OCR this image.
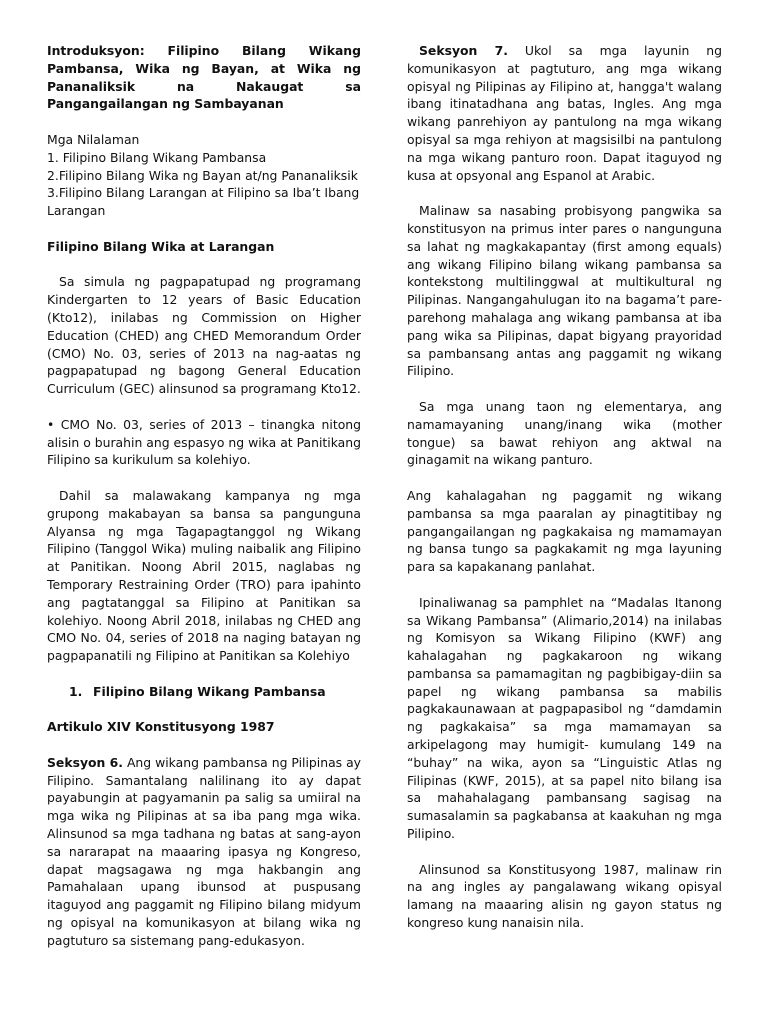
Introduksyon: Filipino Bilang Wikang Pambansa, Wika ng Bayan, at Wika ng Pananaliksik na Nakaugat sa Pangangailangan ng Sambayanan

Mga Nilalaman

1. Filipino Bilang Wikang Pambansa

2.Filipino Bilang Wika ng Bayan at/ng Pananaliksik

3.Filipino Bilang Larangan at Filipino sa Iba’t Ibang Larangan

Filipino Bilang Wika at Larangan

Sa simula ng pagpapatupad ng programang Kindergarten to 12 years of Basic Education (Kto12), inilabas ng Commission on Higher Education (CHED) ang CHED Memorandum Order (CMO) No. 03, series of 2013 na nag-aatas ng pagpapatupad ng bagong General Education Curriculum (GEC) alinsunod sa programang Kto12.

• CMO No. 03, series of 2013 – tinangka nitong alisin o burahin ang espasyo ng wika at Panitikang Filipino sa kurikulum sa kolehiyo.

Dahil sa malawakang kampanya ng mga grupong makabayan sa bansa sa pangunguna Alyansa ng mga Tagapagtanggol ng Wikang Filipino (Tanggol Wika) muling naibalik ang Filipino at Panitikan. Noong Abril 2015, naglabas ng Temporary Restraining Order (TRO) para ipahinto ang pagtatanggal sa Filipino at Panitikan sa kolehiyo. Noong Abril 2018, inilabas ng CHED ang CMO No. 04, series of 2018 na naging batayan ng pagpapanatili ng Filipino at Panitikan sa Kolehiyo

1. Filipino Bilang Wikang Pambansa

Artikulo XIV Konstitusyong 1987

Seksyon 6. Ang wikang pambansa ng Pilipinas ay Filipino. Samantalang nalilinang ito ay dapat payabungin at pagyamanin pa salig sa umiiral na mga wika ng Pilipinas at sa iba pang mga wika. Alinsunod sa mga tadhana ng batas at sang-ayon sa nararapat na maaaring ipasya ng Kongreso, dapat magsagawa ng mga hakbangin ang Pamahalaan upang ibunsod at puspusang itaguyod ang paggamit ng Filipino bilang midyum ng opisyal na komunikasyon at bilang wika ng pagtuturo sa sistemang pang-edukasyon.

Seksyon 7. Ukol sa mga layunin ng komunikasyon at pagtuturo, ang mga wikang opisyal ng Pilipinas ay Filipino at, hangga't walang ibang itinatadhana ang batas, Ingles. Ang mga wikang panrehiyon ay pantulong na mga wikang opisyal sa mga rehiyon at magsisilbi na pantulong na mga wikang panturo roon. Dapat itaguyod ng kusa at opsyonal ang Espanol at Arabic.

Malinaw sa nasabing probisyong pangwika sa konstitusyon na primus inter pares o nangunguna sa lahat ng magkakapantay (first among equals) ang wikang Filipino bilang wikang pambansa sa kontekstong multilinggwal at multikultural ng Pilipinas. Nangangahulugan ito na bagama’t pare-parehong mahalaga ang wikang pambansa at iba pang wika sa Pilipinas, dapat bigyang prayoridad sa pambansang antas ang paggamit ng wikang Filipino.

Sa mga unang taon ng elementarya, ang namamayaning unang/inang wika (mother tongue) sa bawat rehiyon ang aktwal na ginagamit na wikang panturo.

Ang kahalagahan ng paggamit ng wikang pambansa sa mga paaralan ay pinagtitibay ng pangangailangan ng pagkakaisa ng mamamayan ng bansa tungo sa pagkakamit ng mga layuning para sa kapakanang panlahat.

Ipinaliwanag sa pamphlet na “Madalas Itanong sa Wikang Pambansa” (Alimario,2014) na inilabas ng Komisyon sa Wikang Filipino (KWF) ang kahalagahan ng pagkakaroon ng wikang pambansa sa pamamagitan ng pagbibigay-diin sa papel ng wikang pambansa sa mabilis pagkakaunawaan at pagpapasibol ng “damdamin ng pagkakaisa” sa mga mamamayan sa arkipelagong may humigit- kumulang 149 na “buhay” na wika, ayon sa “Linguistic Atlas ng Filipinas (KWF, 2015), at sa papel nito bilang isa sa mahahalagang pambansang sagisag na sumasalamin sa pagkabansa at kaakuhan ng mga Pilipino.

Alinsunod sa Konstitusyong 1987, malinaw rin na ang ingles ay pangalawang wikang opisyal lamang na maaaring alisin ng gayon status ng kongreso kung nanaisin nila.
